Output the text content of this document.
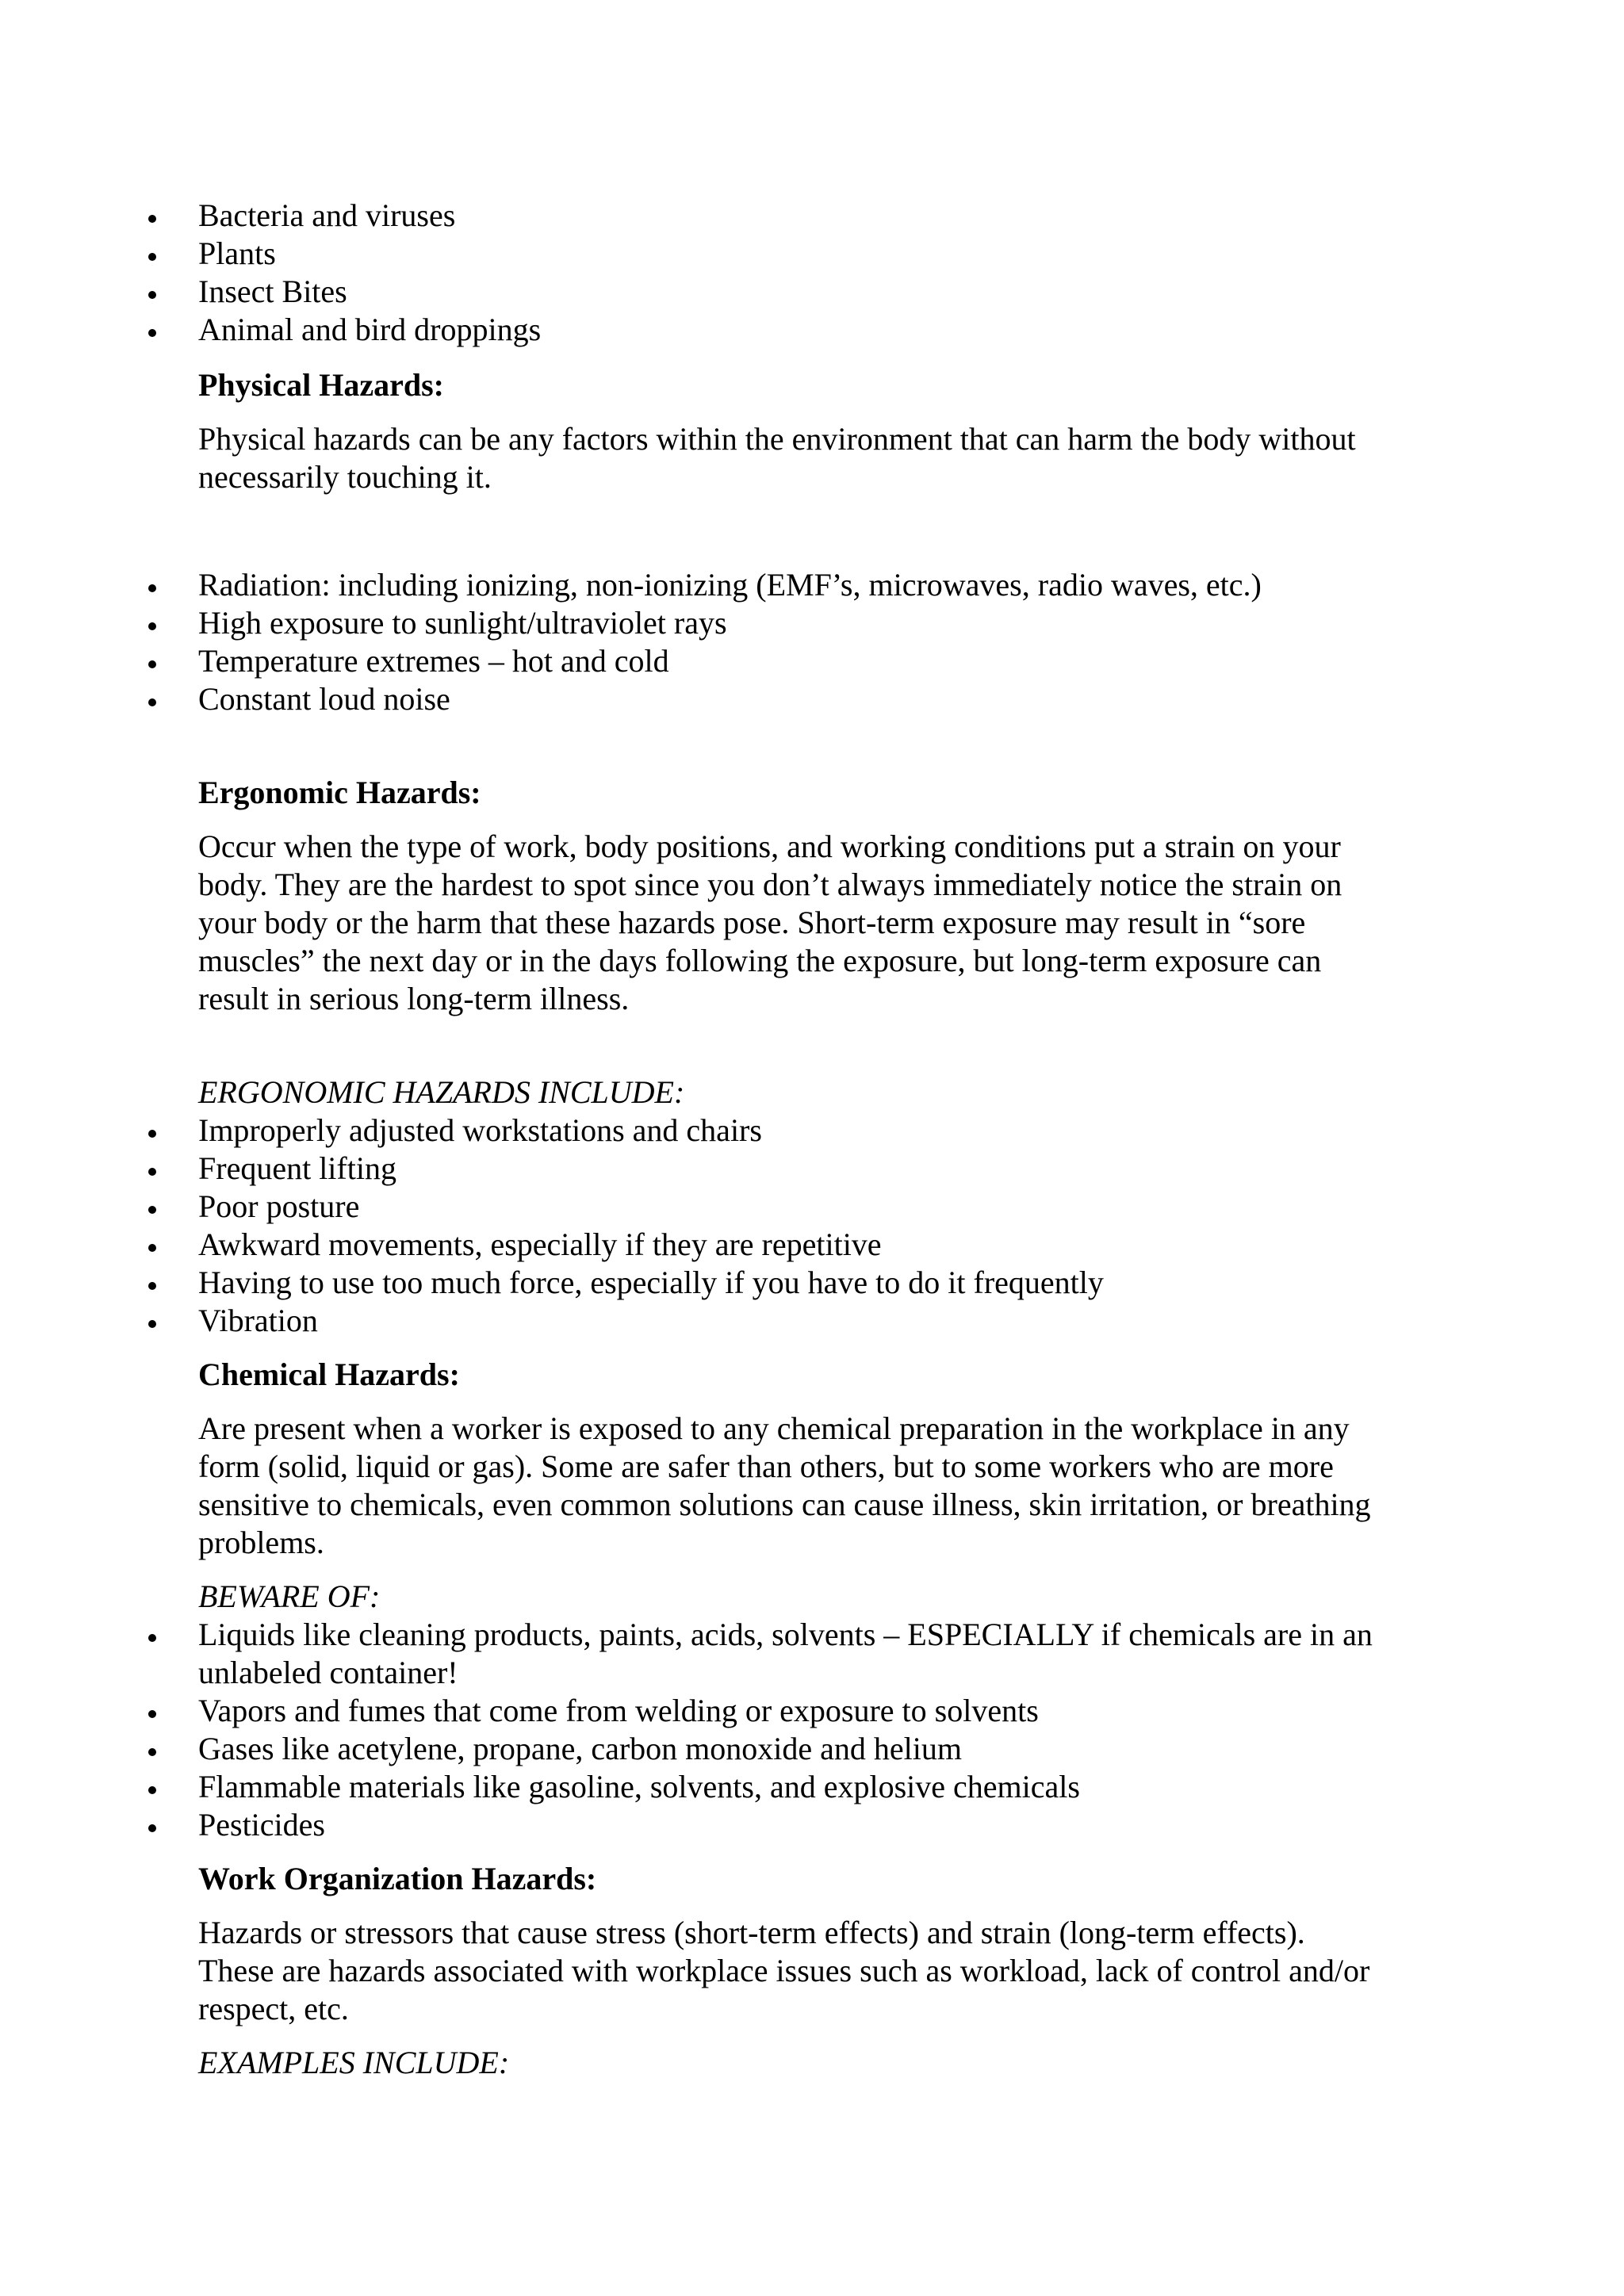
Bacteria and viruses
Plants
Insect Bites
Animal and bird droppings
Physical Hazards:
Physical hazards can be any factors within the environment that can harm the body without
necessarily touching it.
Radiation: including ionizing, non-ionizing (EMF’s, microwaves, radio waves, etc.)
High exposure to sunlight/ultraviolet rays
Temperature extremes – hot and cold
Constant loud noise
Ergonomic Hazards:
Occur when the type of work, body positions, and working conditions put a strain on your
body. They are the hardest to spot since you don’t always immediately notice the strain on
your body or the harm that these hazards pose. Short-term exposure may result in “sore
muscles” the next day or in the days following the exposure, but long-term exposure can
result in serious long-term illness.
ERGONOMIC HAZARDS INCLUDE:
Improperly adjusted workstations and chairs
Frequent lifting
Poor posture
Awkward movements, especially if they are repetitive
Having to use too much force, especially if you have to do it frequently
Vibration
Chemical Hazards:
Are present when a worker is exposed to any chemical preparation in the workplace in any
form (solid, liquid or gas). Some are safer than others, but to some workers who are more
sensitive to chemicals, even common solutions can cause illness, skin irritation, or breathing
problems.
BEWARE OF:
Liquids like cleaning products, paints, acids, solvents – ESPECIALLY if chemicals are in an
unlabeled container!
Vapors and fumes that come from welding or exposure to solvents
Gases like acetylene, propane, carbon monoxide and helium
Flammable materials like gasoline, solvents, and explosive chemicals
Pesticides
Work Organization Hazards:
Hazards or stressors that cause stress (short-term effects) and strain (long-term effects).
These are hazards associated with workplace issues such as workload, lack of control and/or
respect, etc.
EXAMPLES INCLUDE:
